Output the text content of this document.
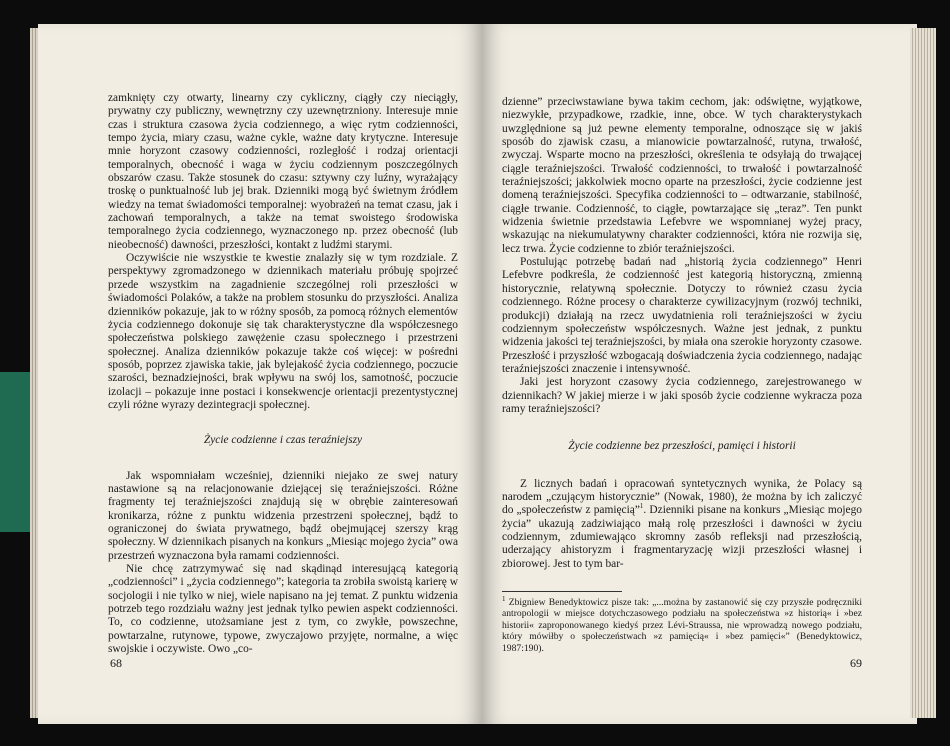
zamknięty czy otwarty, linearny czy cykliczny, ciągły czy nieciągły, prywatny czy publiczny, wewnętrzny czy uzewnętrzniony. Interesuje mnie czas i struktura czasowa życia codziennego, a więc rytm codzienności, tempo życia, miary czasu, ważne cykle, ważne daty krytyczne. Interesuje mnie horyzont czasowy codzienności, rozległość i rodzaj orientacji temporalnych, obecność i waga w życiu codziennym poszczególnych obszarów czasu. Także stosunek do czasu: sztywny czy luźny, wyrażający troskę o punktualność lub jej brak. Dzienniki mogą być świetnym źródłem wiedzy na temat świadomości temporalnej: wyobrażeń na temat czasu, jak i zachowań temporalnych, a także na temat swoistego środowiska temporalnego życia codziennego, wyznaczonego np. przez obecność (lub nieobecność) dawności, przeszłości, kontakt z ludźmi starymi.

Oczywiście nie wszystkie te kwestie znalazły się w tym rozdziale. Z perspektywy zgromadzonego w dziennikach materiału próbuję spojrzeć przede wszystkim na zagadnienie szczególnej roli przeszłości w świadomości Polaków, a także na problem stosunku do przyszłości. Analiza dzienników pokazuje, jak to w różny sposób, za pomocą różnych elementów życia codziennego dokonuje się tak charakterystyczne dla współczesnego społeczeństwa polskiego zawężenie czasu społecznego i przestrzeni społecznej. Analiza dzienników pokazuje także coś więcej: w pośredni sposób, poprzez zjawiska takie, jak bylejakość życia codziennego, poczucie szarości, beznadziejności, brak wpływu na swój los, samotność, poczucie izolacji – pokazuje inne postaci i konsekwencje orientacji prezentystycznej czyli różne wyrazy dezintegracji społecznej.

Życie codzienne i czas teraźniejszy

Jak wspomniałam wcześniej, dzienniki niejako ze swej natury nastawione są na relacjonowanie dziejącej się teraźniejszości. Różne fragmenty tej teraźniejszości znajdują się w obrębie zainteresowań kronikarza, różne z punktu widzenia przestrzeni społecznej, bądź to ograniczonej do świata prywatnego, bądź obejmującej szerszy krąg społeczny. W dziennikach pisanych na konkurs „Miesiąc mojego życia” owa przestrzeń wyznaczona była ramami codzienności.

Nie chcę zatrzymywać się nad skądinąd interesującą kategorią „codzienności” i „życia codziennego”; kategoria ta zrobiła swoistą karierę w socjologii i nie tylko w niej, wiele napisano na jej temat. Z punktu widzenia potrzeb tego rozdziału ważny jest jednak tylko pewien aspekt codzienności. To, co codzienne, utożsamiane jest z tym, co zwykłe, powszechne, powtarzalne, rutynowe, typowe, zwyczajowo przyjęte, normalne, a więc swojskie i oczywiste. Owo „co-

68

dzienne” przeciwstawiane bywa takim cechom, jak: odświętne, wyjątkowe, niezwykłe, przypadkowe, rzadkie, inne, obce. W tych charakterystykach uwzględnione są już pewne elementy temporalne, odnoszące się w jakiś sposób do zjawisk czasu, a mianowicie powtarzalność, rutyna, trwałość, zwyczaj. Wsparte mocno na przeszłości, określenia te odsyłają do trwającej ciągle teraźniejszości. Trwałość codzienności, to trwałość i powtarzalność teraźniejszości; jakkolwiek mocno oparte na przeszłości, życie codzienne jest domeną teraźniejszości. Specyfika codzienności to – odtwarzanie, stabilność, ciągłe trwanie. Codzienność, to ciągłe, powtarzające się „teraz”. Ten punkt widzenia świetnie przedstawia Lefebvre we wspomnianej wyżej pracy, wskazując na niekumulatywny charakter codzienności, która nie rozwija się, lecz trwa. Życie codzienne to zbiór teraźniejszości.

Postulując potrzebę badań nad „historią życia codziennego” Henri Lefebvre podkreśla, że codzienność jest kategorią historyczną, zmienną historycznie, relatywną społecznie. Dotyczy to również czasu życia codziennego. Różne procesy o charakterze cywilizacyjnym (rozwój techniki, produkcji) działają na rzecz uwydatnienia roli teraźniejszości w życiu codziennym społeczeństw współczesnych. Ważne jest jednak, z punktu widzenia jakości tej teraźniejszości, by miała ona szerokie horyzonty czasowe. Przeszłość i przyszłość wzbogacają doświadczenia życia codziennego, nadając teraźniejszości znaczenie i intensywność.

Jaki jest horyzont czasowy życia codziennego, zarejestrowanego w dziennikach? W jakiej mierze i w jaki sposób życie codzienne wykracza poza ramy teraźniejszości?

Życie codzienne bez przeszłości, pamięci i historii

Z licznych badań i opracowań syntetycznych wynika, że Polacy są narodem „czującym historycznie” (Nowak, 1980), że można by ich zaliczyć do „społeczeństw z pamięcią”$^1$. Dzienniki pisane na konkurs „Miesiąc mojego życia” ukazują zadziwiająco małą rolę przeszłości i dawności w życiu codziennym, zdumiewająco skromny zasób refleksji nad przeszłością, uderzający ahistoryzm i fragmentaryzację wizji przeszłości własnej i zbiorowej. Jest to tym bar-

$^1$ Zbigniew Benedyktowicz pisze tak: „...można by zastanowić się czy przyszłe podręczniki antropologii w miejsce dotychczasowego podziału na społeczeństwa »z historią« i »bez historii« zaproponowanego kiedyś przez Lévi-Straussa, nie wprowadzą nowego podziału, który mówiłby o społeczeństwach »z pamięcią« i »bez pamięci«” (Benedyktowicz, 1987:190).
69
